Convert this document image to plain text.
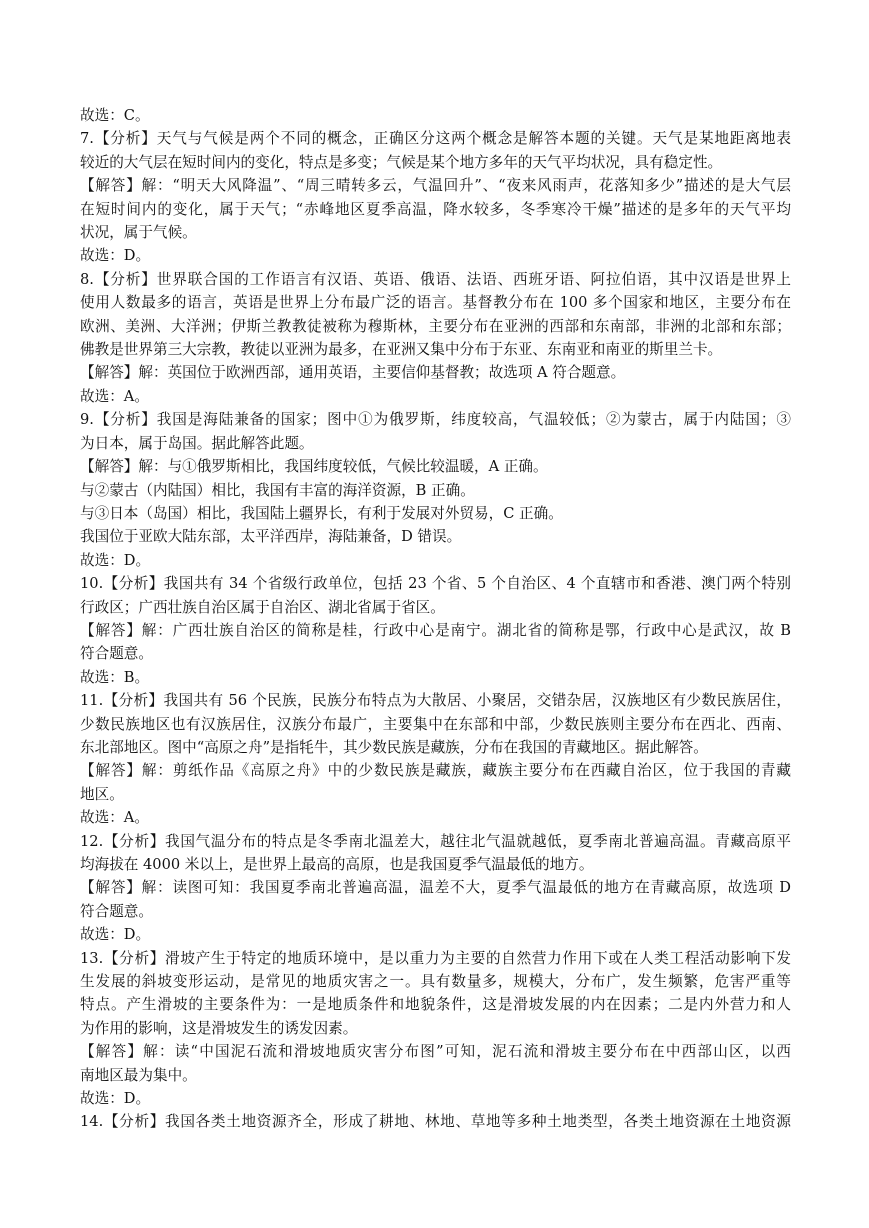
故选：C。
7.【分析】天气与气候是两个不同的概念，正确区分这两个概念是解答本题的关键。天气是某地距离地表
较近的大气层在短时间内的变化，特点是多变；气候是某个地方多年的天气平均状况，具有稳定性。
【解答】解：“明天大风降温”、“周三晴转多云，气温回升”、“夜来风雨声，花落知多少”描述的是大气层
在短时间内的变化，属于天气；“赤峰地区夏季高温，降水较多，冬季寒冷干燥”描述的是多年的天气平均
状况，属于气候。
故选：D。
8.【分析】世界联合国的工作语言有汉语、英语、俄语、法语、西班牙语、阿拉伯语，其中汉语是世界上
使用人数最多的语言，英语是世界上分布最广泛的语言。基督教分布在 100 多个国家和地区，主要分布在
欧洲、美洲、大洋洲；伊斯兰教教徒被称为穆斯林，主要分布在亚洲的西部和东南部，非洲的北部和东部；
佛教是世界第三大宗教，教徒以亚洲为最多，在亚洲又集中分布于东亚、东南亚和南亚的斯里兰卡。
【解答】解：英国位于欧洲西部，通用英语，主要信仰基督教；故选项 A 符合题意。
故选：A。
9.【分析】我国是海陆兼备的国家；图中①为俄罗斯，纬度较高，气温较低；②为蒙古，属于内陆国；③
为日本，属于岛国。据此解答此题。
【解答】解：与①俄罗斯相比，我国纬度较低，气候比较温暖，A 正确。
与②蒙古（内陆国）相比，我国有丰富的海洋资源，B 正确。
与③日本（岛国）相比，我国陆上疆界长，有利于发展对外贸易，C 正确。
我国位于亚欧大陆东部，太平洋西岸，海陆兼备，D 错误。
故选：D。
10.【分析】我国共有 34 个省级行政单位，包括 23 个省、5 个自治区、4 个直辖市和香港、澳门两个特别
行政区；广西壮族自治区属于自治区、湖北省属于省区。
【解答】解：广西壮族自治区的简称是桂，行政中心是南宁。湖北省的简称是鄂，行政中心是武汉，故 B
符合题意。
故选：B。
11.【分析】我国共有 56 个民族，民族分布特点为大散居、小聚居，交错杂居，汉族地区有少数民族居住，
少数民族地区也有汉族居住，汉族分布最广，主要集中在东部和中部，少数民族则主要分布在西北、西南、
东北部地区。图中“高原之舟”是指牦牛，其少数民族是藏族，分布在我国的青藏地区。据此解答。
【解答】解：剪纸作品《高原之舟》中的少数民族是藏族，藏族主要分布在西藏自治区，位于我国的青藏
地区。
故选：A。
12.【分析】我国气温分布的特点是冬季南北温差大，越往北气温就越低，夏季南北普遍高温。青藏高原平
均海拔在 4000 米以上，是世界上最高的高原，也是我国夏季气温最低的地方。
【解答】解：读图可知：我国夏季南北普遍高温，温差不大，夏季气温最低的地方在青藏高原，故选项 D
符合题意。
故选：D。
13.【分析】滑坡产生于特定的地质环境中，是以重力为主要的自然营力作用下或在人类工程活动影响下发
生发展的斜坡变形运动，是常见的地质灾害之一。具有数量多，规模大，分布广，发生频繁，危害严重等
特点。产生滑坡的主要条件为：一是地质条件和地貌条件，这是滑坡发展的内在因素；二是内外营力和人
为作用的影响，这是滑坡发生的诱发因素。
【解答】解：读“中国泥石流和滑坡地质灾害分布图”可知，泥石流和滑坡主要分布在中西部山区，以西
南地区最为集中。
故选：D。
14.【分析】我国各类土地资源齐全，形成了耕地、林地、草地等多种土地类型，各类土地资源在土地资源
